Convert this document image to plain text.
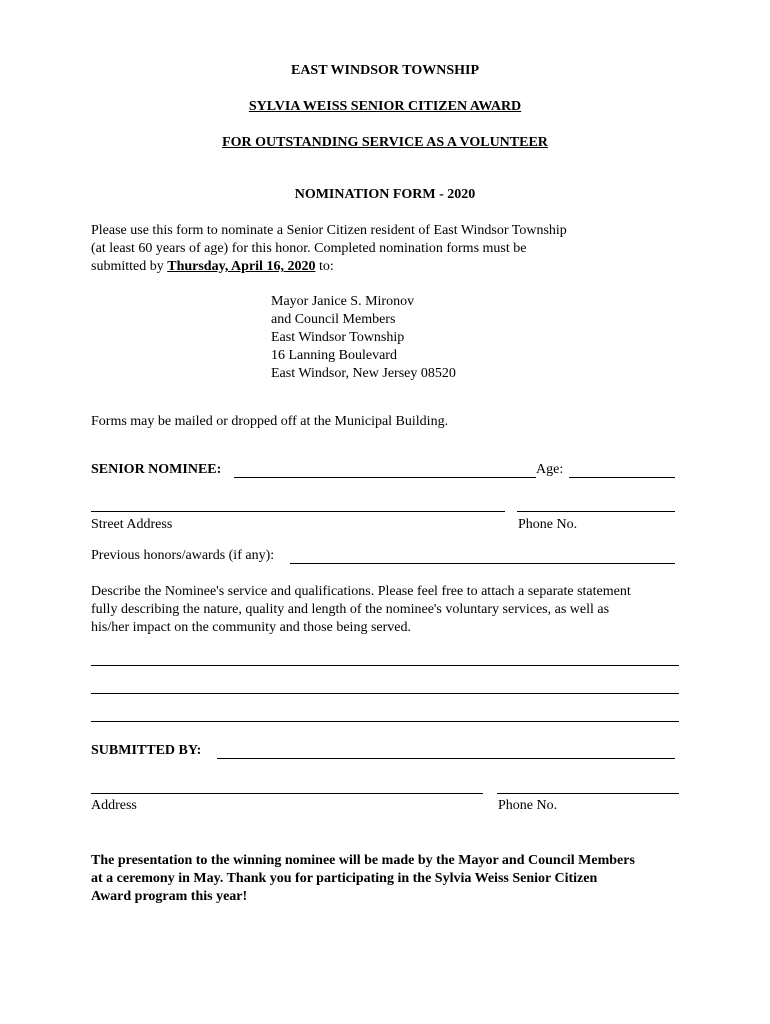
EAST WINDSOR TOWNSHIP
SYLVIA WEISS SENIOR CITIZEN AWARD
FOR OUTSTANDING SERVICE AS A VOLUNTEER
NOMINATION FORM - 2020

Please use this form to nominate a Senior Citizen resident of East Windsor Township

(at least 60 years of age) for this honor. Completed nomination forms must be

submitted by Thursday, April 16, 2020 to:

Mayor Janice S. Mironov

and Council Members

East Windsor Township

16 Lanning Boulevard

East Windsor, New Jersey 08520

Forms may be mailed or dropped off at the Municipal Building.
SENIOR NOMINEE:	Age:
Street Address	Phone No.
Previous honors/awards (if any):

Describe the Nominee's service and qualifications. Please feel free to attach a separate statement

fully describing the nature, quality and length of the nominee's voluntary services, as well as

his/her impact on the community and those being served.

SUBMITTED BY:
Address	Phone No.

The presentation to the winning nominee will be made by the Mayor and Council Members

at a ceremony in May. Thank you for participating in the Sylvia Weiss Senior Citizen

Award program this year!
